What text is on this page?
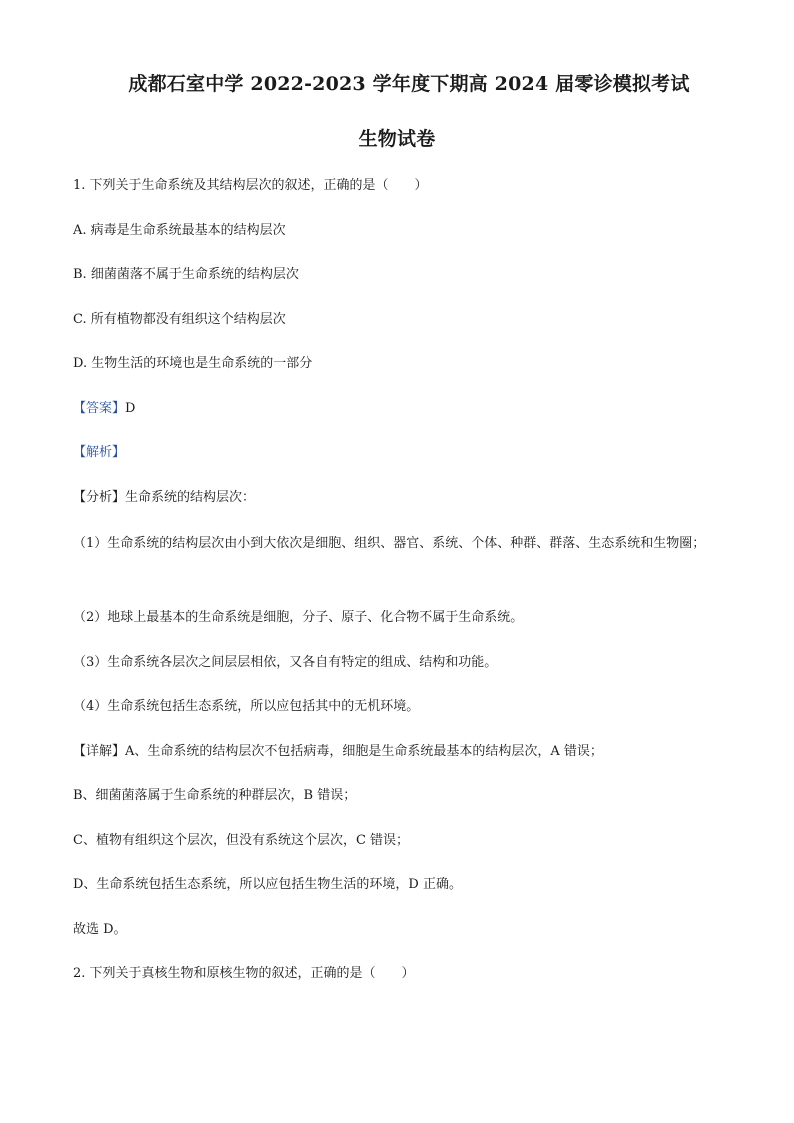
成都石室中学 2022-2023 学年度下期高 2024 届零诊模拟考试
生物试卷
1. 下列关于生命系统及其结构层次的叙述，正确的是（　　）
A. 病毒是生命系统最基本的结构层次
B. 细菌菌落不属于生命系统的结构层次
C. 所有植物都没有组织这个结构层次
D. 生物生活的环境也是生命系统的一部分
【答案】D
【解析】
【分析】生命系统的结构层次：
（1）生命系统的结构层次由小到大依次是细胞、组织、器官、系统、个体、种群、群落、生态系统和生物圈；
（2）地球上最基本的生命系统是细胞，分子、原子、化合物不属于生命系统。
（3）生命系统各层次之间层层相依，又各自有特定的组成、结构和功能。
（4）生命系统包括生态系统，所以应包括其中的无机环境。
【详解】A、生命系统的结构层次不包括病毒，细胞是生命系统最基本的结构层次，A 错误；
B、细菌菌落属于生命系统的种群层次，B 错误；
C、植物有组织这个层次，但没有系统这个层次，C 错误；
D、生命系统包括生态系统，所以应包括生物生活的环境，D 正确。
故选 D。
2. 下列关于真核生物和原核生物的叙述，正确的是（　　）
